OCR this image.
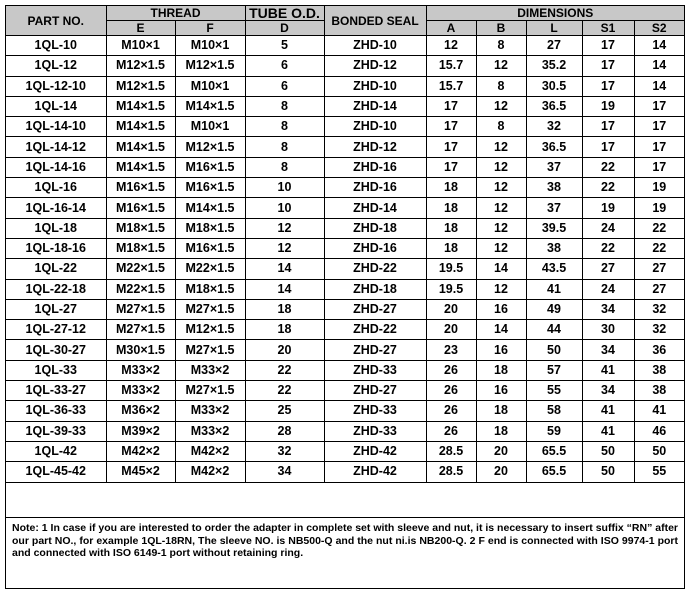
PART NO.	THREAD		TUBE O.D.	BONDED SEAL	DIMENSIONS				
	E	F	D		A	B	L	S1	S2
1QL-10	M10×1	M10×1	5	ZHD-10	12	8	27	17	14
1QL-12	M12×1.5	M12×1.5	6	ZHD-12	15.7	12	35.2	17	14
1QL-12-10	M12×1.5	M10×1	6	ZHD-10	15.7	8	30.5	17	14
1QL-14	M14×1.5	M14×1.5	8	ZHD-14	17	12	36.5	19	17
1QL-14-10	M14×1.5	M10×1	8	ZHD-10	17	8	32	17	17
1QL-14-12	M14×1.5	M12×1.5	8	ZHD-12	17	12	36.5	17	17
1QL-14-16	M14×1.5	M16×1.5	8	ZHD-16	17	12	37	22	17
1QL-16	M16×1.5	M16×1.5	10	ZHD-16	18	12	38	22	19
1QL-16-14	M16×1.5	M14×1.5	10	ZHD-14	18	12	37	19	19
1QL-18	M18×1.5	M18×1.5	12	ZHD-18	18	12	39.5	24	22
1QL-18-16	M18×1.5	M16×1.5	12	ZHD-16	18	12	38	22	22
1QL-22	M22×1.5	M22×1.5	14	ZHD-22	19.5	14	43.5	27	27
1QL-22-18	M22×1.5	M18×1.5	14	ZHD-18	19.5	12	41	24	27
1QL-27	M27×1.5	M27×1.5	18	ZHD-27	20	16	49	34	32
1QL-27-12	M27×1.5	M12×1.5	18	ZHD-22	20	14	44	30	32
1QL-30-27	M30×1.5	M27×1.5	20	ZHD-27	23	16	50	34	36
1QL-33	M33×2	M33×2	22	ZHD-33	26	18	57	41	38
1QL-33-27	M33×2	M27×1.5	22	ZHD-27	26	16	55	34	38
1QL-36-33	M36×2	M33×2	25	ZHD-33	26	18	58	41	41
1QL-39-33	M39×2	M33×2	28	ZHD-33	26	18	59	41	46
1QL-42	M42×2	M42×2	32	ZHD-42	28.5	20	65.5	50	50
1QL-45-42	M45×2	M42×2	34	ZHD-42	28.5	20	65.5	50	55
Note: 1 In case if you are interested to order the adapter in complete set with sleeve and nut, it is necessary to insert suffix “RN” after our part NO., for example 1QL-18RN, The sleeve NO. is NB500-Q and the nut ni.is NB200-Q. 2 F end is connected with ISO 9974-1 port and connected with ISO 6149-1 port without retaining ring.
